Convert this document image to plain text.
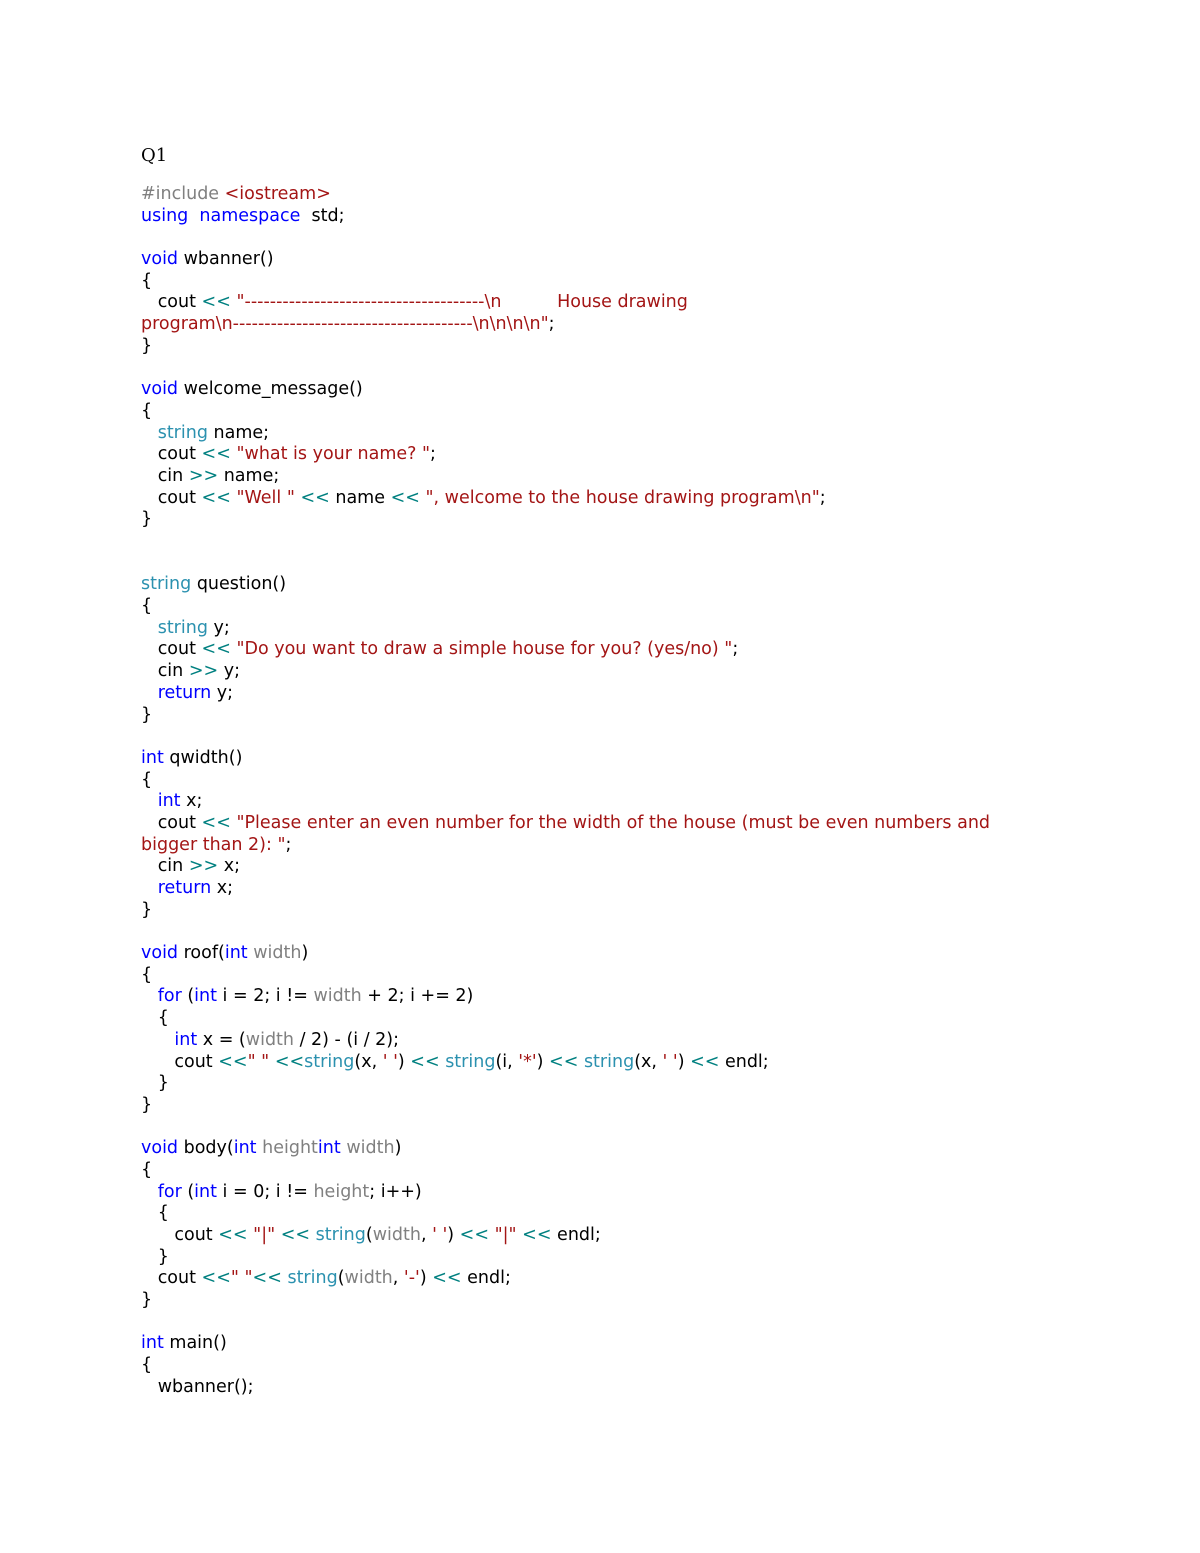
Q1
#include <iostream>
using namespace  std;

void wbanner()
{
cout << "--------------------------------------\n          House drawing
program\n--------------------------------------\n\n\n\n";
}

void welcome_message()
{
string name;
cout << "what is your name? ";
cin >> name;
cout << "Well " << name << ", welcome to the house drawing program\n";
}

string question()
{
string y;
cout << "Do you want to draw a simple house for you? (yes/no) ";
cin >> y;
return y;
}

int qwidth()
{
int x;
cout << "Please enter an even number for the width of the house (must be even numbers and
bigger than 2): ";
cin >> x;
return x;
}

void roof(int width)
{
for (int i = 2; i != width + 2; i += 2)
{
int x = (width / 2) - (i / 2);
cout <<" " <<string(x, ' ') << string(i, '*') << string(x, ' ') << endl;
}
}

void body(int heightint width)
{
for (int i = 0; i != height; i++)
{
cout << "|" << string(width, ' ') << "|" << endl;
}
cout <<" "<< string(width, '-') << endl;
}

int main()
{
wbanner();
